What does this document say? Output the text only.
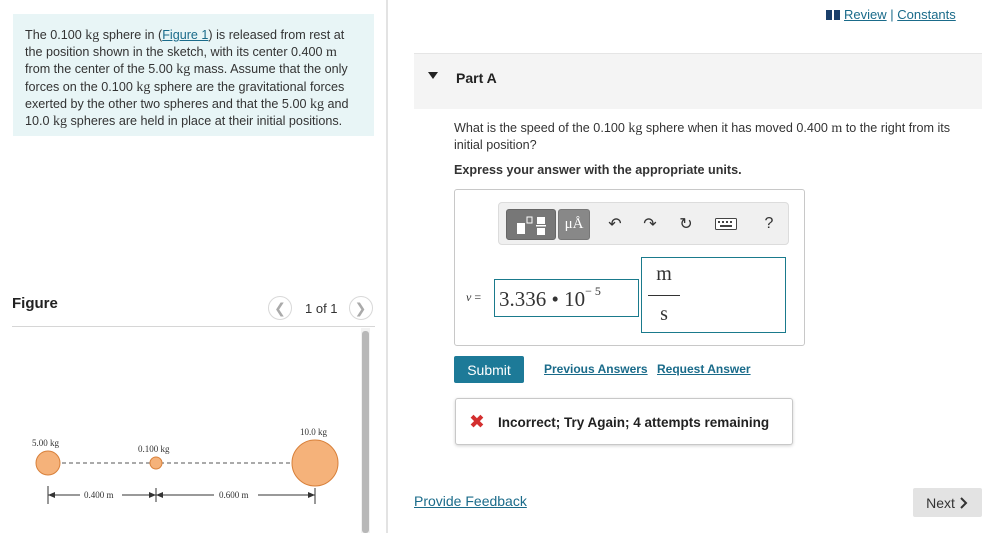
The 0.100 kg sphere in (Figure 1) is released from rest at the position shown in the sketch, with its center 0.400 m from the center of the 5.00 kg mass. Assume that the only forces on the 0.100 kg sphere are the gravitational forces exerted by the other two spheres and that the 5.00 kg and 10.0 kg spheres are held in place at their initial positions.
Figure	❮	1 of 1	❯
5.00 kg
0.100 kg
10.0 kg
0.400 m	0.600 m
Review | Constants
Part A
What is the speed of the 0.100 kg sphere when it has moved 0.400 m to the right from its initial position?
Express your answer with the appropriate units.
μÅ	↶	↷	↻	?
v = 3.336 • $10^{- 5}$
m
s
Submit	Previous Answers Request Answer
✖ Incorrect; Try Again; 4 attempts remaining
Provide Feedback	Next
